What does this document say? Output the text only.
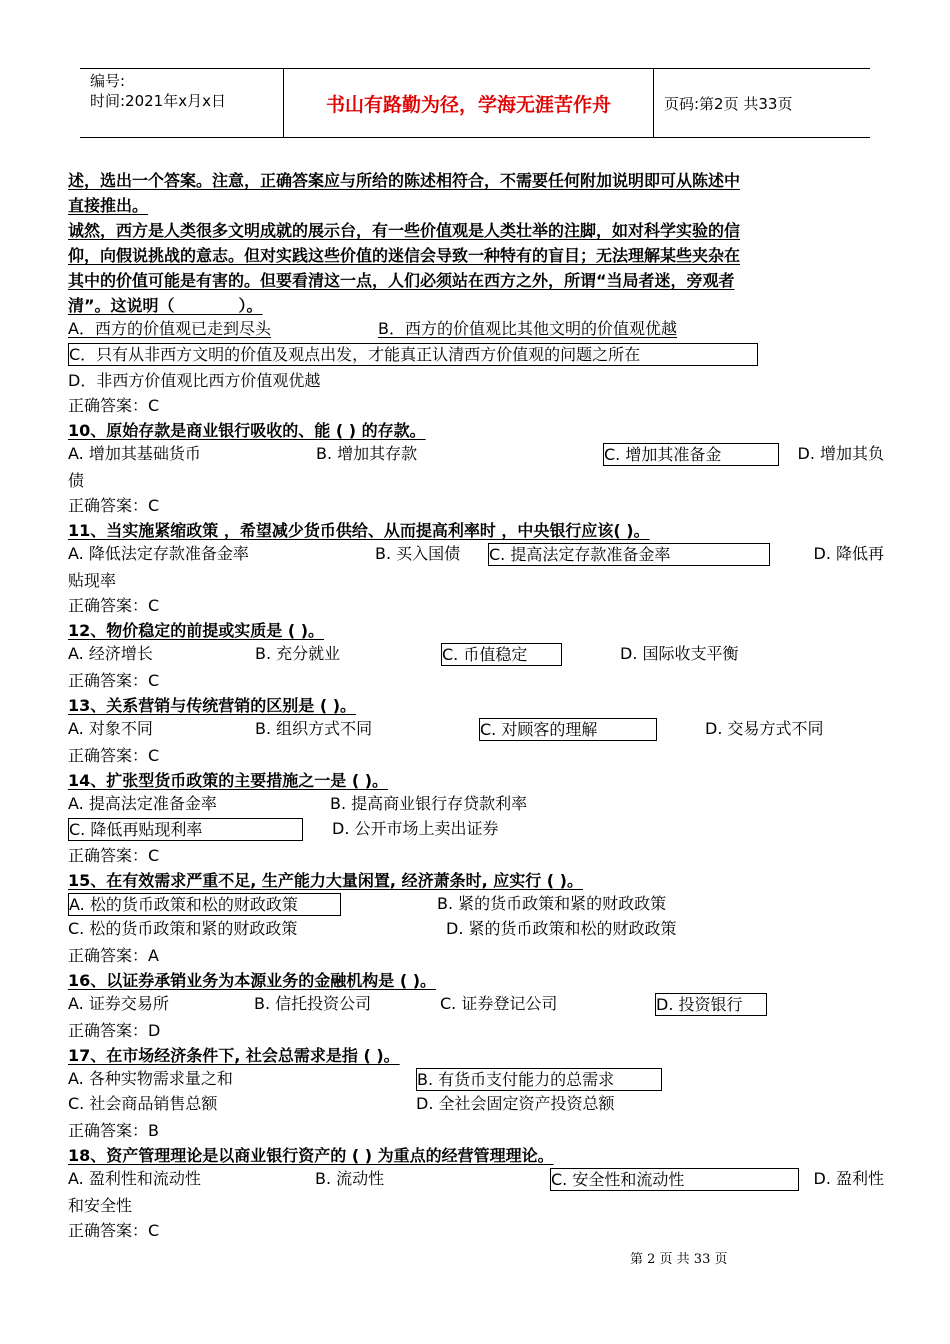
编号:
时间:2021年x月x日	书山有路勤为径，学海无涯苦作舟	页码:第2页 共33页
述，选出一个答案。注意，正确答案应与所给的陈述相符合，不需要任何附加说明即可从陈述中
直接推出。
诚然，西方是人类很多文明成就的展示台，有一些价值观是人类壮举的注脚，如对科学实验的信
仰，向假说挑战的意志。但对实践这些价值的迷信会导致一种特有的盲目；无法理解某些夹杂在
其中的价值可能是有害的。但要看清这一点，人们必须站在西方之外，所谓“当局者迷，旁观者
清”。这说明（　　　　）。
A．西方的价值观已走到尽头	B．西方的价值观比其他文明的价值观优越
C．只有从非西方文明的价值及观点出发，才能真正认清西方价值观的问题之所在
D．非西方价值观比西方价值观优越
正确答案：C
10、原始存款是商业银行吸收的、能 ( ) 的存款。
A. 增加其基础货币	B. 增加其存款	C. 增加其准备金	D. 增加其负
债
正确答案：C
11、当实施紧缩政策 ，希望减少货币供给、从而提高利率时 ，中央银行应该( )。
A. 降低法定存款准备金率	B. 买入国债	C. 提高法定存款准备金率	D. 降低再
贴现率
正确答案：C
12、物价稳定的前提或实质是 ( )。
A. 经济增长	B. 充分就业	C. 币值稳定	D. 国际收支平衡
正确答案：C
13、关系营销与传统营销的区别是 ( )。
A. 对象不同	B. 组织方式不同	C. 对顾客的理解	D. 交易方式不同
正确答案：C
14、扩张型货币政策的主要措施之一是 ( )。
A. 提高法定准备金率	B. 提高商业银行存贷款利率
C. 降低再贴现利率	D. 公开市场上卖出证券
正确答案：C
15、在有效需求严重不足, 生产能力大量闲置, 经济萧条时, 应实行 ( )。
A. 松的货币政策和松的财政政策	B. 紧的货币政策和紧的财政政策
C. 松的货币政策和紧的财政政策	D. 紧的货币政策和松的财政政策
正确答案：A
16、以证券承销业务为本源业务的金融机构是 ( )。
A. 证券交易所	B. 信托投资公司	C. 证券登记公司	D. 投资银行
正确答案：D
17、在市场经济条件下, 社会总需求是指 ( )。
A. 各种实物需求量之和	B. 有货币支付能力的总需求
C. 社会商品销售总额	D. 全社会固定资产投资总额
正确答案：B
18、资产管理理论是以商业银行资产的 ( ) 为重点的经营管理理论。
A. 盈利性和流动性	B. 流动性	C. 安全性和流动性	D. 盈利性
和安全性
正确答案：C
第 2 页 共 33 页
